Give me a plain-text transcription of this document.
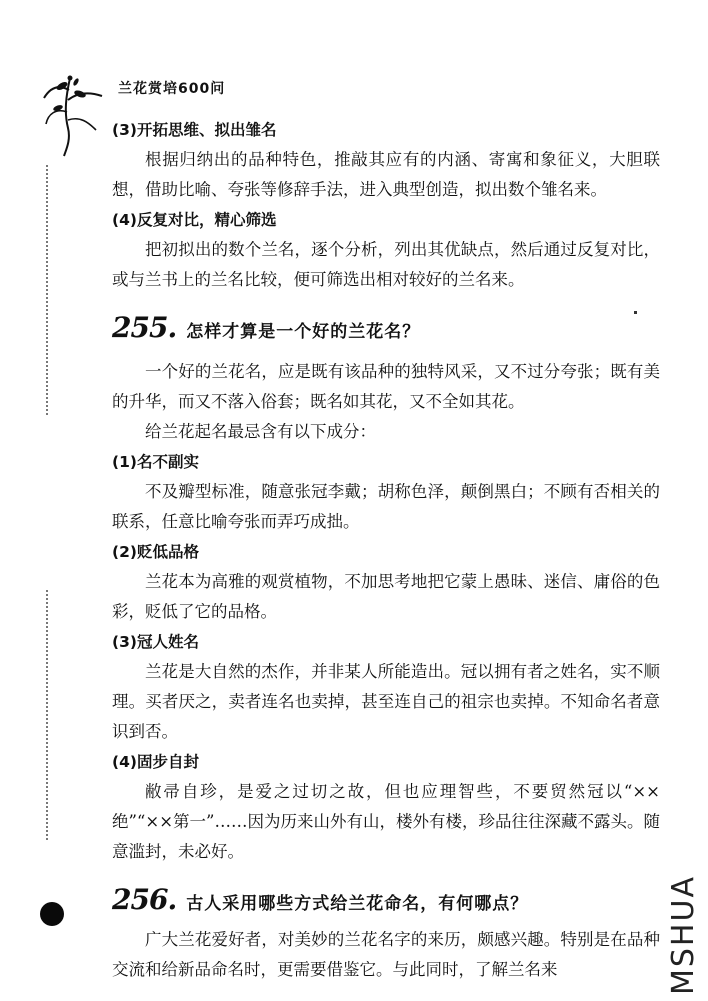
兰花赏培600问

(3)开拓思维、拟出雏名

根据归纳出的品种特色，推敲其应有的内涵、寄寓和象征义，大胆联想，借助比喻、夸张等修辞手法，进入典型创造，拟出数个雏名来。

(4)反复对比，精心筛选

把初拟出的数个兰名，逐个分析，列出其优缺点，然后通过反复对比，或与兰书上的兰名比较，便可筛选出相对较好的兰名来。

255. 怎样才算是一个好的兰花名？

一个好的兰花名，应是既有该品种的独特风采，又不过分夸张；既有美的升华，而又不落入俗套；既名如其花，又不全如其花。

给兰花起名最忌含有以下成分：

(1)名不副实

不及瓣型标准，随意张冠李戴；胡称色泽，颠倒黑白；不顾有否相关的联系，任意比喻夸张而弄巧成拙。

(2)贬低品格

兰花本为高雅的观赏植物，不加思考地把它蒙上愚昧、迷信、庸俗的色彩，贬低了它的品格。

(3)冠人姓名

兰花是大自然的杰作，并非某人所能造出。冠以拥有者之姓名，实不顺理。买者厌之，卖者连名也卖掉，甚至连自己的祖宗也卖掉。不知命名者意识到否。

(4)固步自封

敝帚自珍，是爱之过切之故，但也应理智些，不要贸然冠以“××绝”“××第一”……因为历来山外有山，楼外有楼，珍品往往深藏不露头。随意滥封，未必好。

256. 古人采用哪些方式给兰花命名，有何哪点？

广大兰花爱好者，对美妙的兰花名字的来历，颇感兴趣。特别是在品种交流和给新品命名时，更需要借鉴它。与此同时，了解兰名来	MSHUA
